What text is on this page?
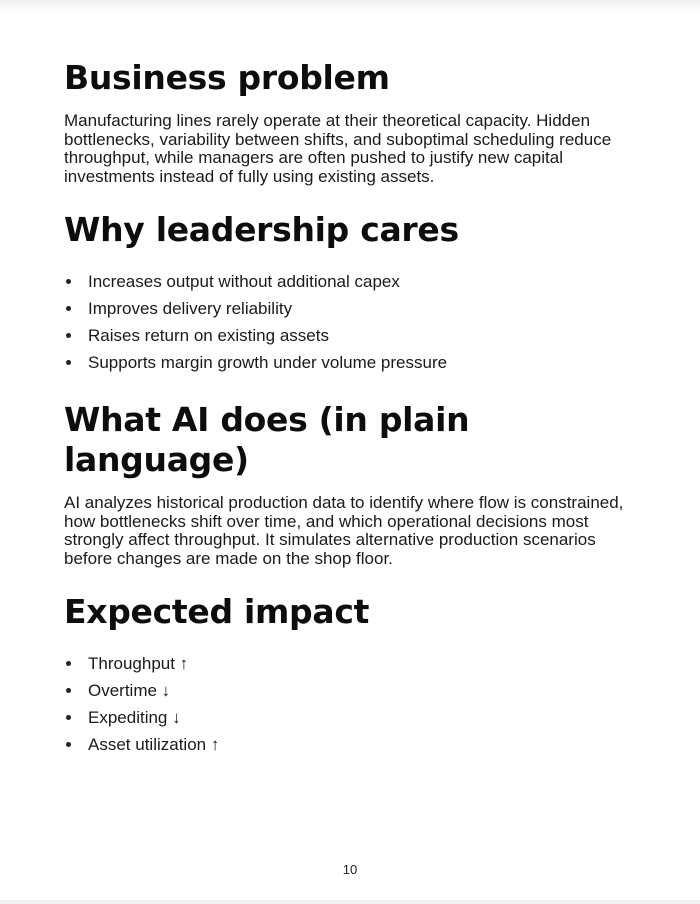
Business problem

Manufacturing lines rarely operate at their theoretical capacity. Hidden bottlenecks, variability between shifts, and suboptimal scheduling reduce throughput, while managers are often pushed to justify new capital investments instead of fully using existing assets.

Why leadership cares
Increases output without additional capex
Improves delivery reliability
Raises return on existing assets
Supports margin growth under volume pressure
What AI does (in plain language)

AI analyzes historical production data to identify where flow is constrained, how bottlenecks shift over time, and which operational decisions most strongly affect throughput. It simulates alternative production scenarios before changes are made on the shop floor.

Expected impact
Throughput ↑
Overtime ↓
Expediting ↓
Asset utilization ↑
10
